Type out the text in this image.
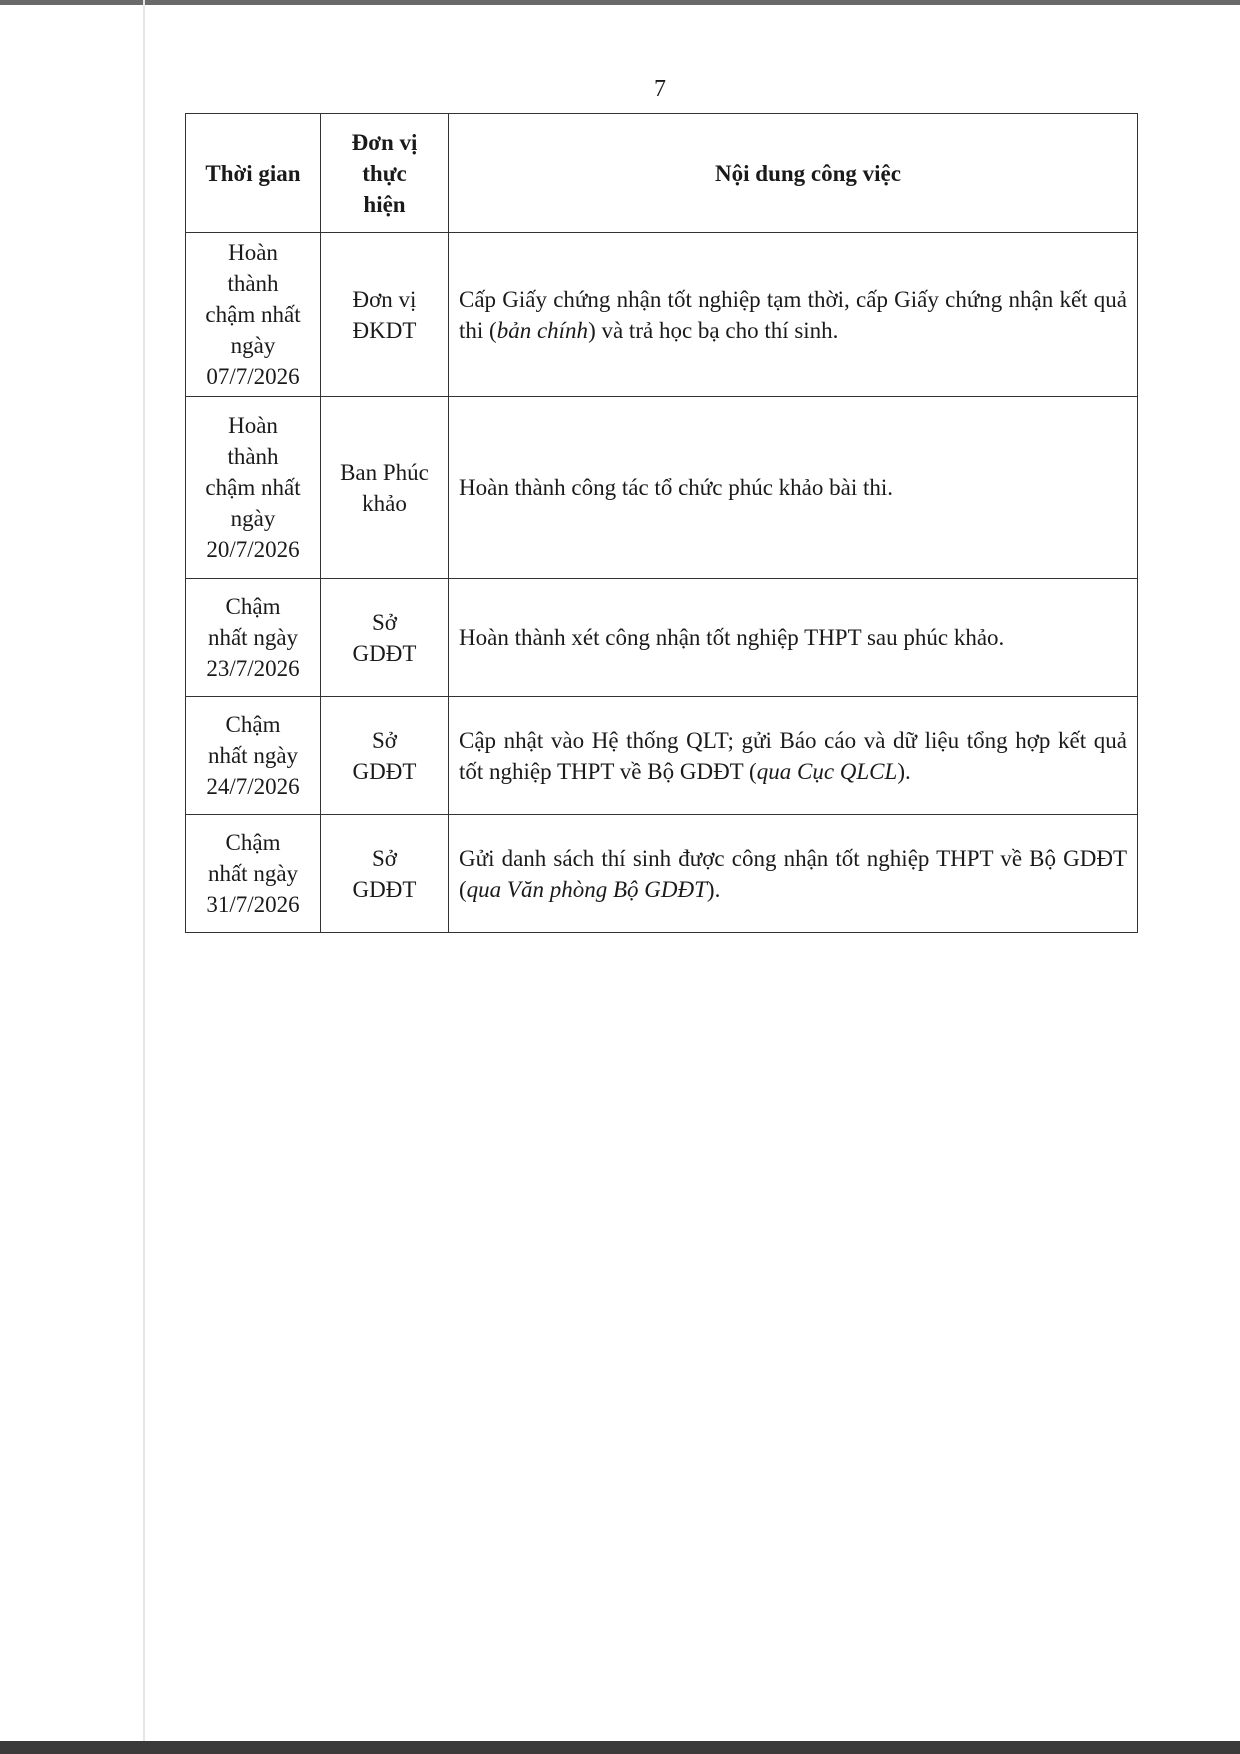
7
Thời gian	Đơn vị
thực
hiện	Nội dung công việc

Hoàn
thành
chậm nhất
ngày
07/7/2026	Đơn vị
ĐKDT	Cấp Giấy chứng nhận tốt nghiệp tạm thời, cấp Giấy chứng nhận kết quả thi (bản chính) và trả học bạ cho thí sinh.

Hoàn
thành
chậm nhất
ngày
20/7/2026	Ban Phúc
khảo	Hoàn thành công tác tổ chức phúc khảo bài thi.

Chậm
nhất ngày
23/7/2026	Sở
GDĐT	Hoàn thành xét công nhận tốt nghiệp THPT sau phúc khảo.

Chậm
nhất ngày
24/7/2026	Sở
GDĐT	Cập nhật vào Hệ thống QLT; gửi Báo cáo và dữ liệu tổng hợp kết quả tốt nghiệp THPT về Bộ GDĐT (qua Cục QLCL).

Chậm
nhất ngày
31/7/2026	Sở
GDĐT	Gửi danh sách thí sinh được công nhận tốt nghiệp THPT về Bộ GDĐT (qua Văn phòng Bộ GDĐT).
